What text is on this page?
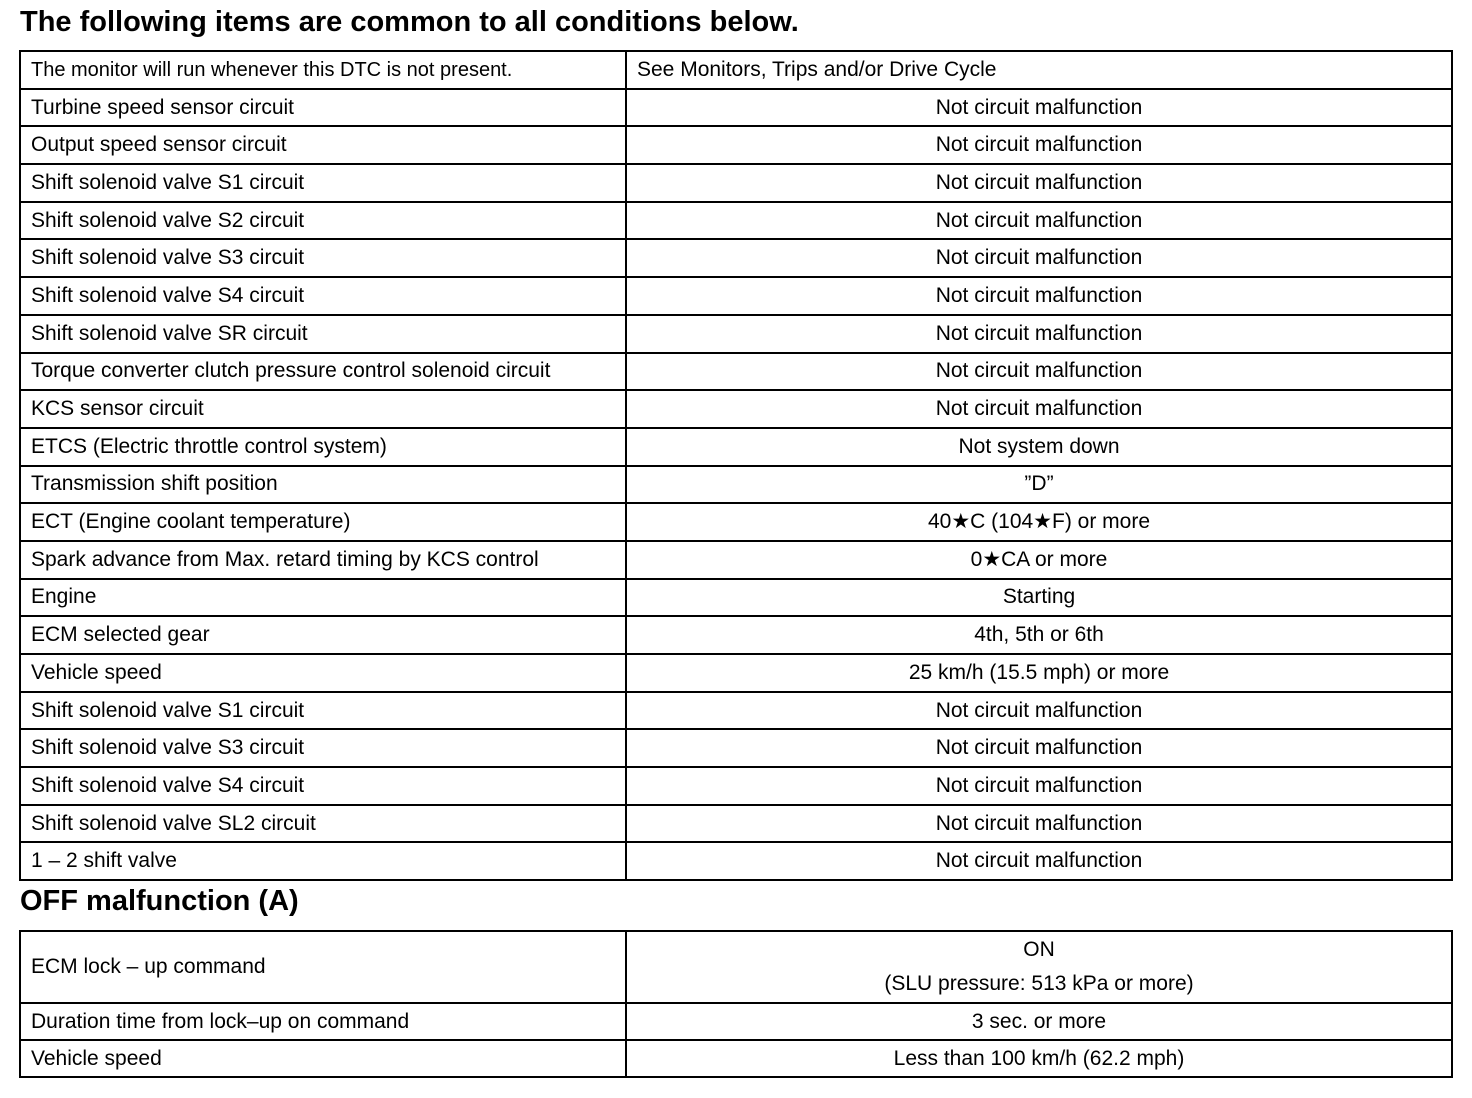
The following items are common to all conditions below.
The monitor will run whenever this DTC is not present.	See Monitors, Trips and/or Drive Cycle
Turbine speed sensor circuit	Not circuit malfunction
Output speed sensor circuit	Not circuit malfunction
Shift solenoid valve S1 circuit	Not circuit malfunction
Shift solenoid valve S2 circuit	Not circuit malfunction
Shift solenoid valve S3 circuit	Not circuit malfunction
Shift solenoid valve S4 circuit	Not circuit malfunction
Shift solenoid valve SR circuit	Not circuit malfunction
Torque converter clutch pressure control solenoid circuit	Not circuit malfunction
KCS sensor circuit	Not circuit malfunction
ETCS (Electric throttle control system)	Not system down
Transmission shift position	”D”
ECT (Engine coolant temperature)	40★C (104★F) or more
Spark advance from Max. retard timing by KCS control	0★CA or more
Engine	Starting
ECM selected gear	4th, 5th or 6th
Vehicle speed	25 km/h (15.5 mph) or more
Shift solenoid valve S1 circuit	Not circuit malfunction
Shift solenoid valve S3 circuit	Not circuit malfunction
Shift solenoid valve S4 circuit	Not circuit malfunction
Shift solenoid valve SL2 circuit	Not circuit malfunction
1 – 2 shift valve	Not circuit malfunction
OFF malfunction (A)
ECM lock – up command	ON
(SLU pressure: 513 kPa or more)

Duration time from lock–up on command	3 sec. or more
Vehicle speed	Less than 100 km/h (62.2 mph)
